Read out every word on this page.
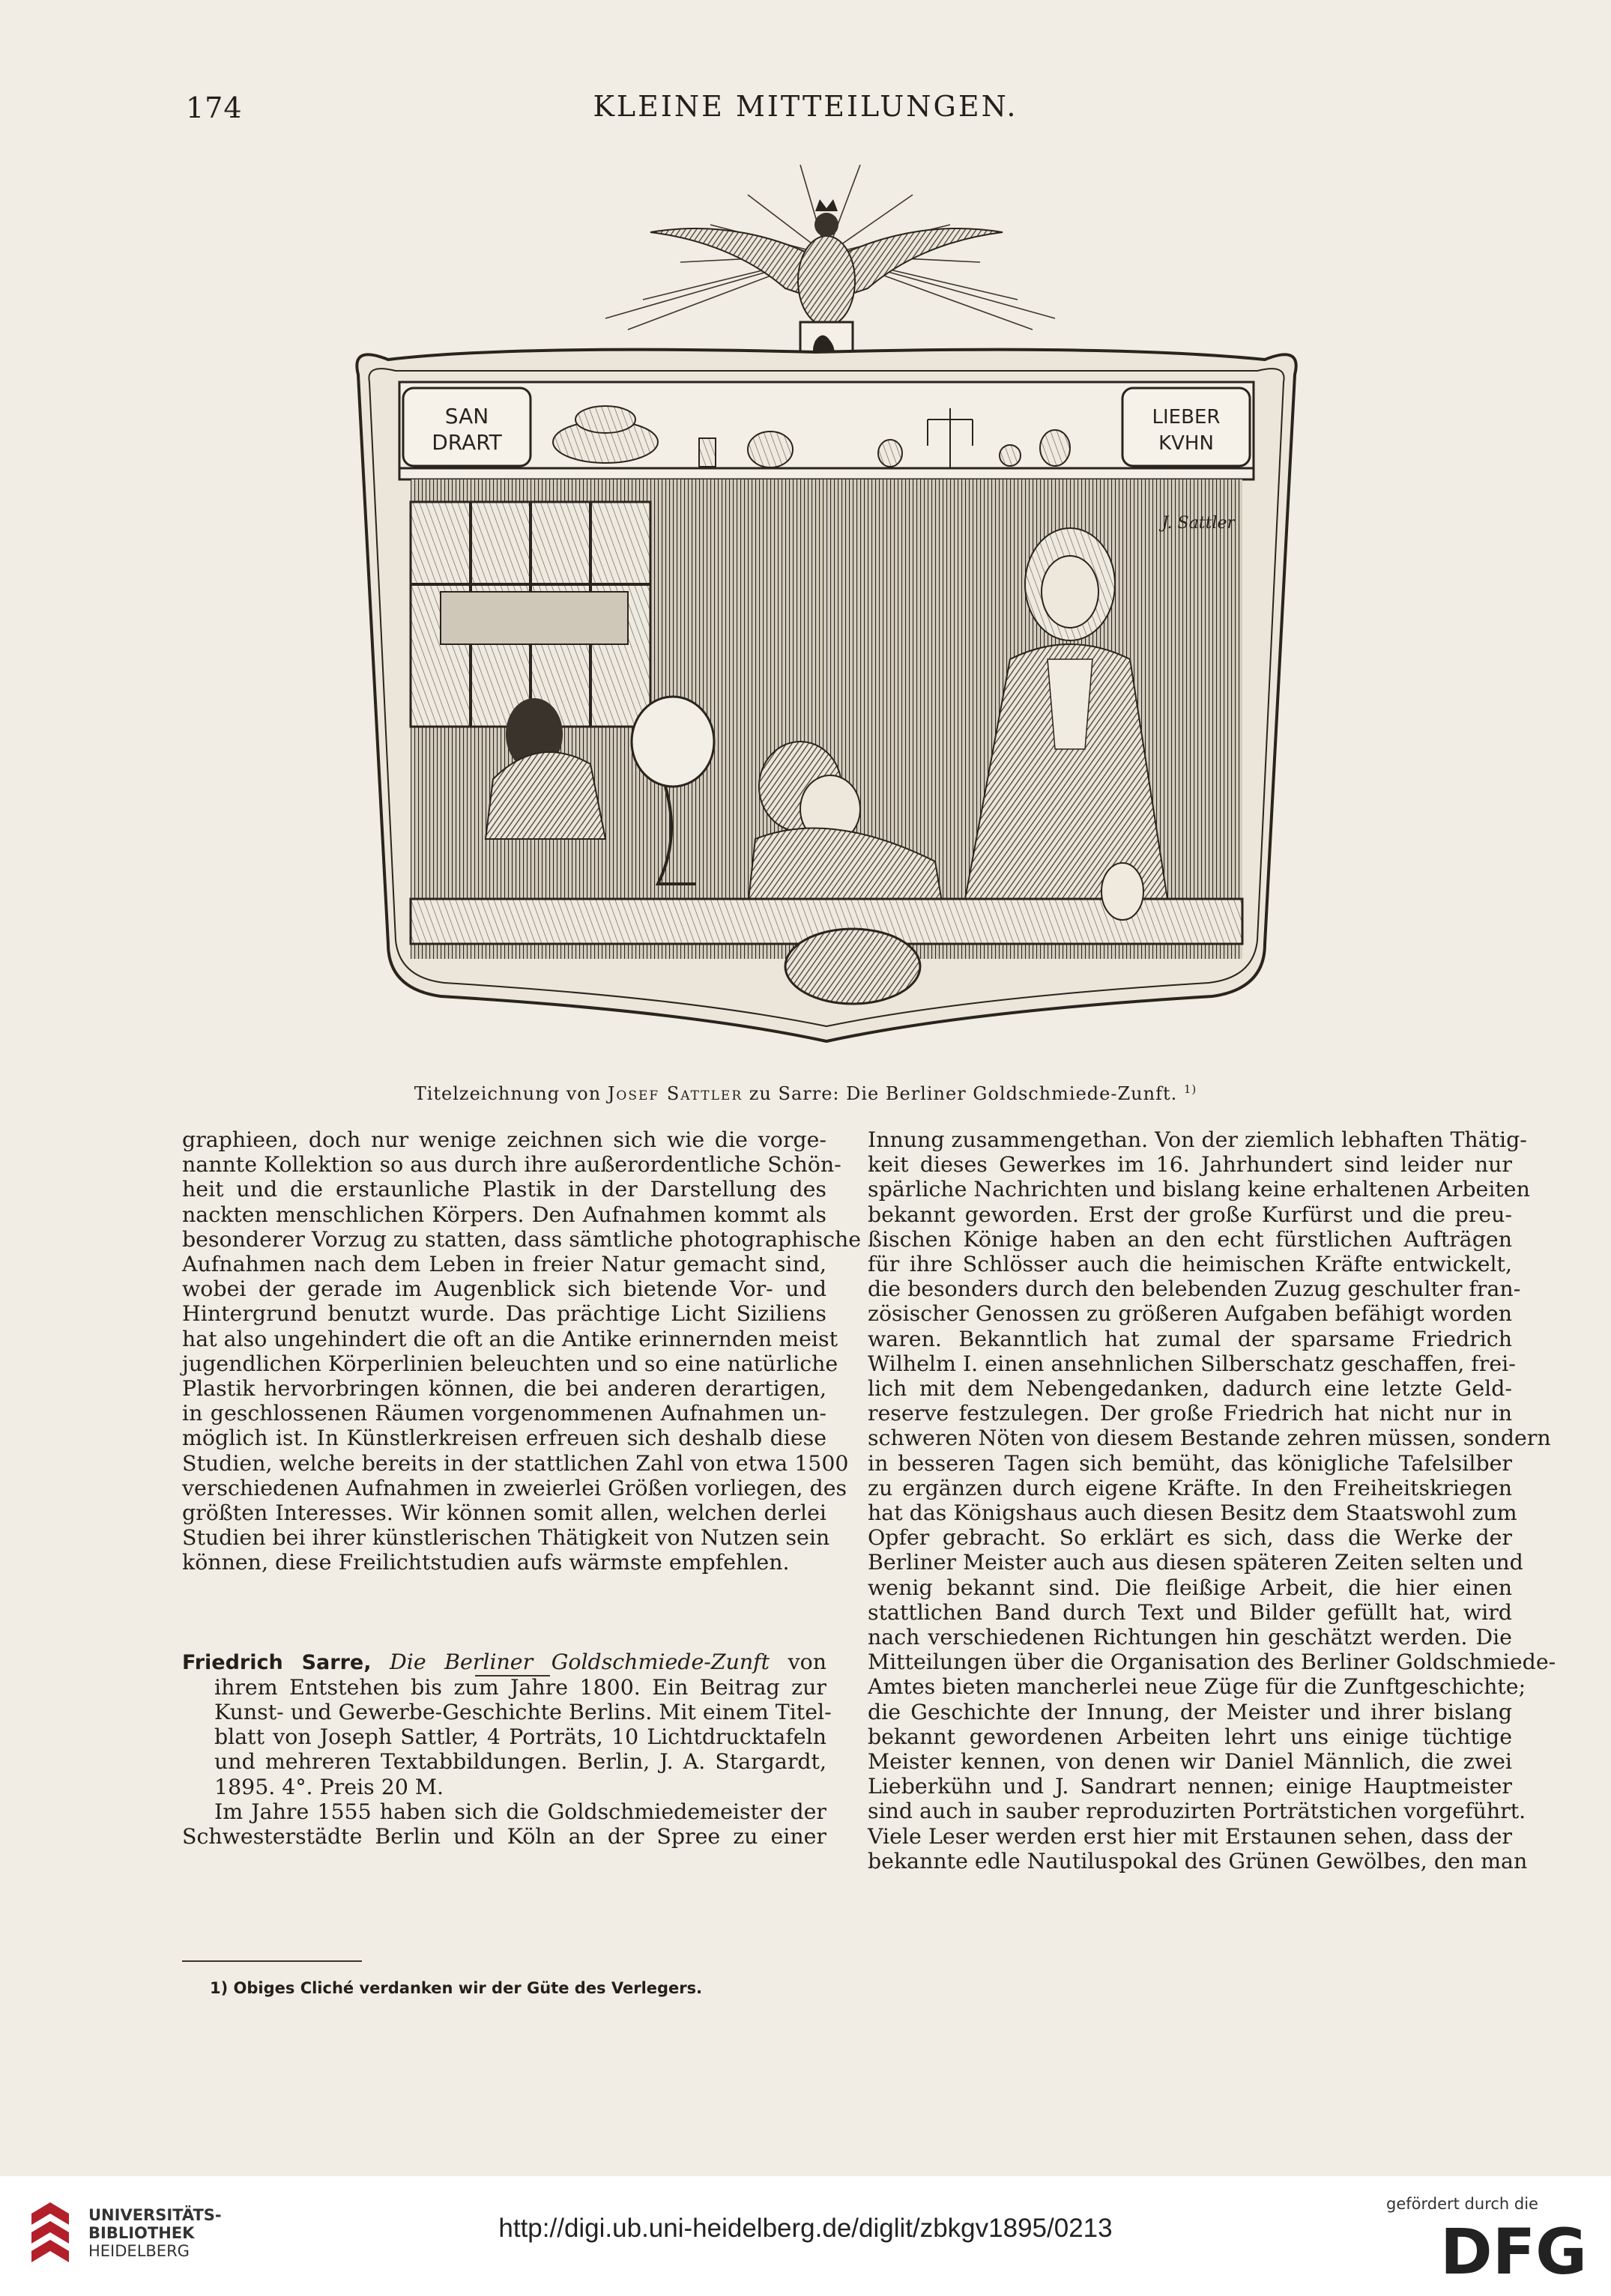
174	KLEINE MITTEILUNGEN.
SAN
DRART
LIEBER
KVHN
J. Sattler
Titelzeichnung von Josef Sattler zu Sarre: Die Berliner Goldschmiede-Zunft. $^{1)}$

graphieen, doch nur wenige zeichnen sich wie die vorge-

nannte Kollektion so aus durch ihre außerordentliche Schön-

heit und die erstaunliche Plastik in der Darstellung des

nackten menschlichen Körpers. Den Aufnahmen kommt als

besonderer Vorzug zu statten, dass sämtliche photographische

Aufnahmen nach dem Leben in freier Natur gemacht sind,

wobei der gerade im Augenblick sich bietende Vor- und

Hintergrund benutzt wurde. Das prächtige Licht Siziliens

hat also ungehindert die oft an die Antike erinnernden meist

jugendlichen Körperlinien beleuchten und so eine natürliche

Plastik hervorbringen können, die bei anderen derartigen,

in geschlossenen Räumen vorgenommenen Aufnahmen un-

möglich ist. In Künstlerkreisen erfreuen sich deshalb diese

Studien, welche bereits in der stattlichen Zahl von etwa 1500

verschiedenen Aufnahmen in zweierlei Größen vorliegen, des

größten Interesses. Wir können somit allen, welchen derlei

Studien bei ihrer künstlerischen Thätigkeit von Nutzen sein

können, diese Freilichtstudien aufs wärmste empfehlen.

Friedrich Sarre, Die Berliner Goldschmiede-Zunft von

ihrem Entstehen bis zum Jahre 1800. Ein Beitrag zur

Kunst- und Gewerbe-Geschichte Berlins. Mit einem Titel-

blatt von Joseph Sattler, 4 Porträts, 10 Lichtdrucktafeln

und mehreren Textabbildungen. Berlin, J. A. Stargardt,

1895. 4°. Preis 20 M.

Im Jahre 1555 haben sich die Goldschmiedemeister der

Schwesterstädte Berlin und Köln an der Spree zu einer

1) Obiges Cliché verdanken wir der Güte des Verlegers.

Innung zusammengethan. Von der ziemlich lebhaften Thätig-

keit dieses Gewerkes im 16. Jahrhundert sind leider nur

spärliche Nachrichten und bislang keine erhaltenen Arbeiten

bekannt geworden. Erst der große Kurfürst und die preu-

ßischen Könige haben an den echt fürstlichen Aufträgen

für ihre Schlösser auch die heimischen Kräfte entwickelt,

die besonders durch den belebenden Zuzug geschulter fran-

zösischer Genossen zu größeren Aufgaben befähigt worden

waren. Bekanntlich hat zumal der sparsame Friedrich

Wilhelm I. einen ansehnlichen Silberschatz geschaffen, frei-

lich mit dem Nebengedanken, dadurch eine letzte Geld-

reserve festzulegen. Der große Friedrich hat nicht nur in

schweren Nöten von diesem Bestande zehren müssen, sondern

in besseren Tagen sich bemüht, das königliche Tafelsilber

zu ergänzen durch eigene Kräfte. In den Freiheitskriegen

hat das Königshaus auch diesen Besitz dem Staatswohl zum

Opfer gebracht. So erklärt es sich, dass die Werke der

Berliner Meister auch aus diesen späteren Zeiten selten und

wenig bekannt sind. Die fleißige Arbeit, die hier einen

stattlichen Band durch Text und Bilder gefüllt hat, wird

nach verschiedenen Richtungen hin geschätzt werden. Die

Mitteilungen über die Organisation des Berliner Goldschmiede-

Amtes bieten mancherlei neue Züge für die Zunftgeschichte;

die Geschichte der Innung, der Meister und ihrer bislang

bekannt gewordenen Arbeiten lehrt uns einige tüchtige

Meister kennen, von denen wir Daniel Männlich, die zwei

Lieberkühn und J. Sandrart nennen; einige Hauptmeister

sind auch in sauber reproduzirten Porträtstichen vorgeführt.

Viele Leser werden erst hier mit Erstaunen sehen, dass der

bekannte edle Nautiluspokal des Grünen Gewölbes, den man

UNIVERSITÄTS-
BIBLIOTHEK
HEIDELBERG
http://digi.ub.uni-heidelberg.de/diglit/zbkgv1895/0213
gefördert durch die
DFG
